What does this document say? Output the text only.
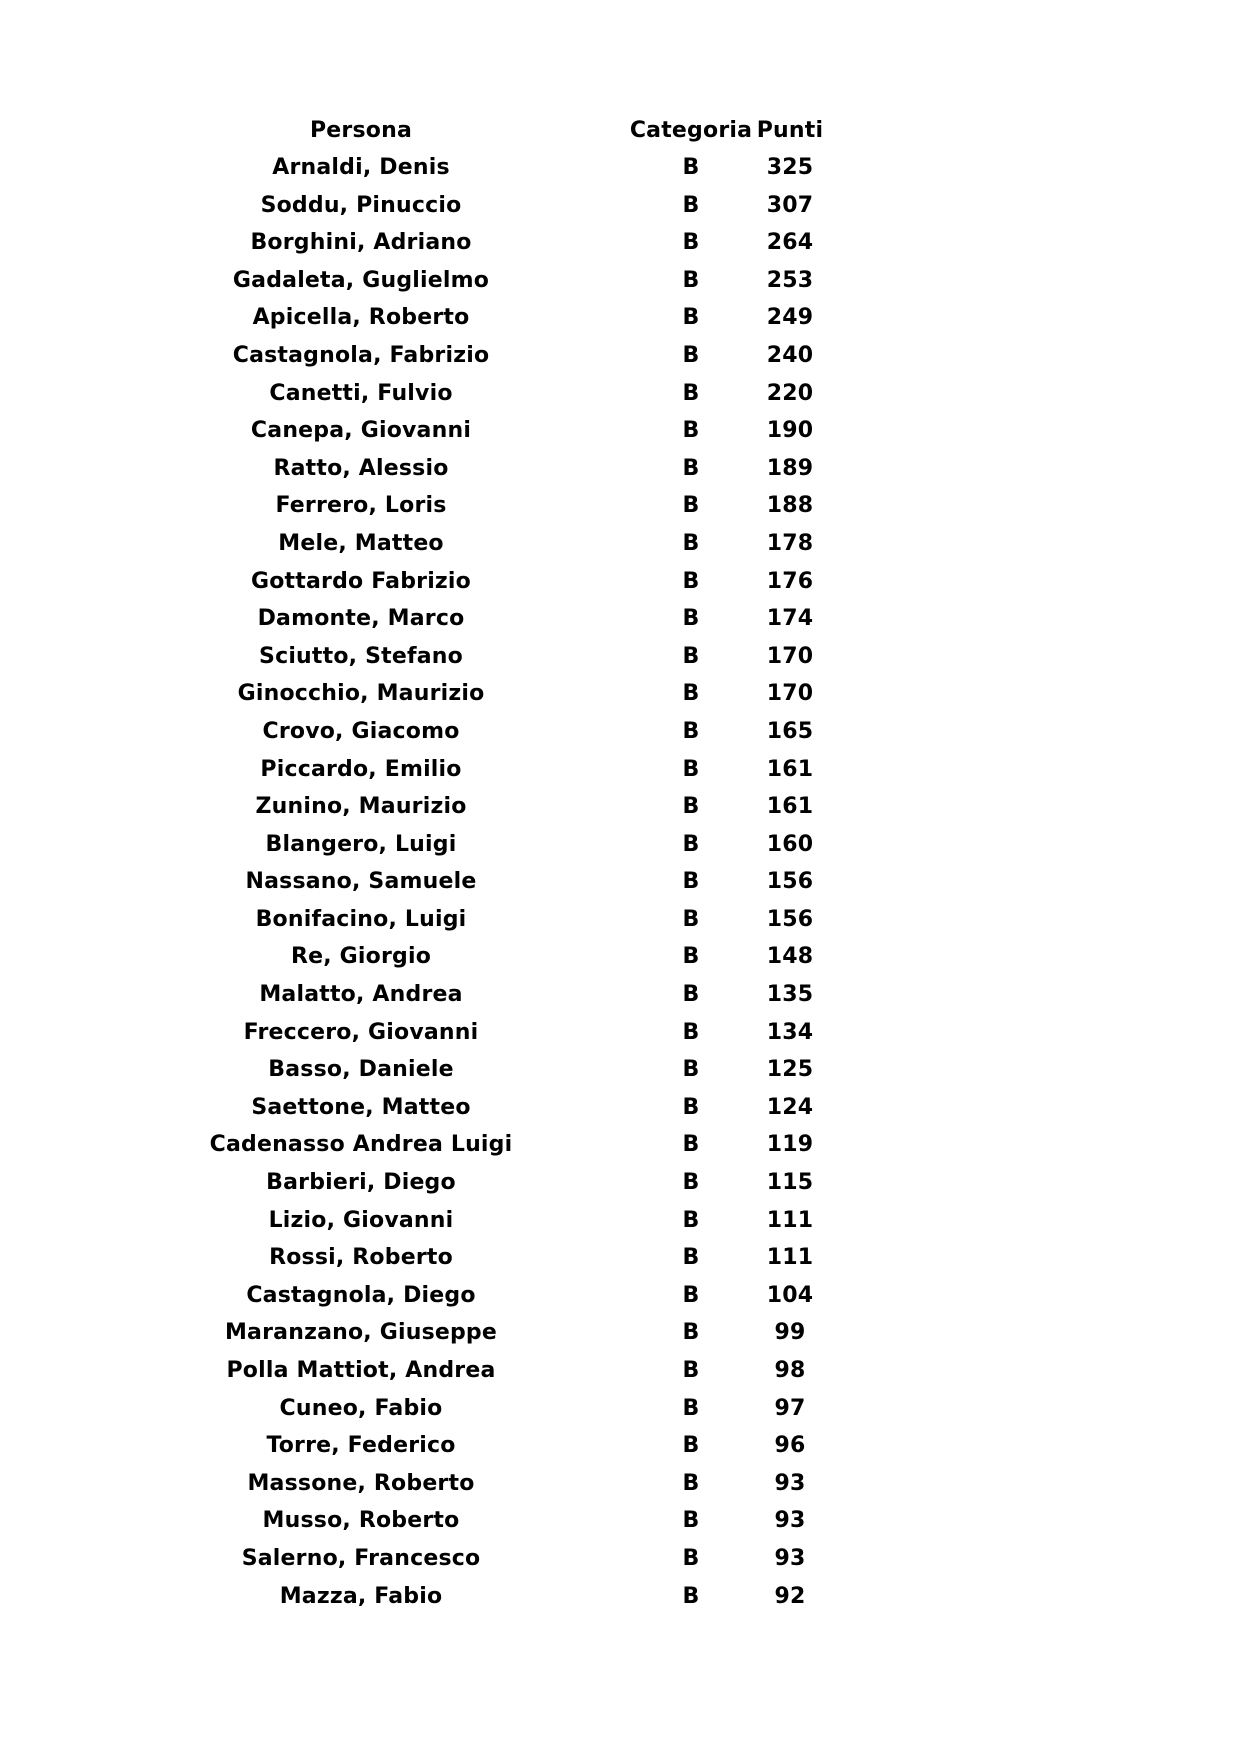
Persona		Categoria	Punti
Arnaldi, Denis		B	325
Soddu, Pinuccio		B	307
Borghini, Adriano		B	264
Gadaleta, Guglielmo		B	253
Apicella, Roberto		B	249
Castagnola, Fabrizio		B	240
Canetti, Fulvio		B	220
Canepa, Giovanni		B	190
Ratto, Alessio		B	189
Ferrero, Loris		B	188
Mele, Matteo		B	178
Gottardo Fabrizio		B	176
Damonte, Marco		B	174
Sciutto, Stefano		B	170
Ginocchio, Maurizio		B	170
Crovo, Giacomo		B	165
Piccardo, Emilio		B	161
Zunino, Maurizio		B	161
Blangero, Luigi		B	160
Nassano, Samuele		B	156
Bonifacino, Luigi		B	156
Re, Giorgio		B	148
Malatto, Andrea		B	135
Freccero, Giovanni		B	134
Basso, Daniele		B	125
Saettone, Matteo		B	124
Cadenasso Andrea Luigi		B	119
Barbieri, Diego		B	115
Lizio, Giovanni		B	111
Rossi, Roberto		B	111
Castagnola, Diego		B	104
Maranzano, Giuseppe		B	99
Polla Mattiot, Andrea		B	98
Cuneo, Fabio		B	97
Torre, Federico		B	96
Massone, Roberto		B	93
Musso, Roberto		B	93
Salerno, Francesco		B	93
Mazza, Fabio		B	92
